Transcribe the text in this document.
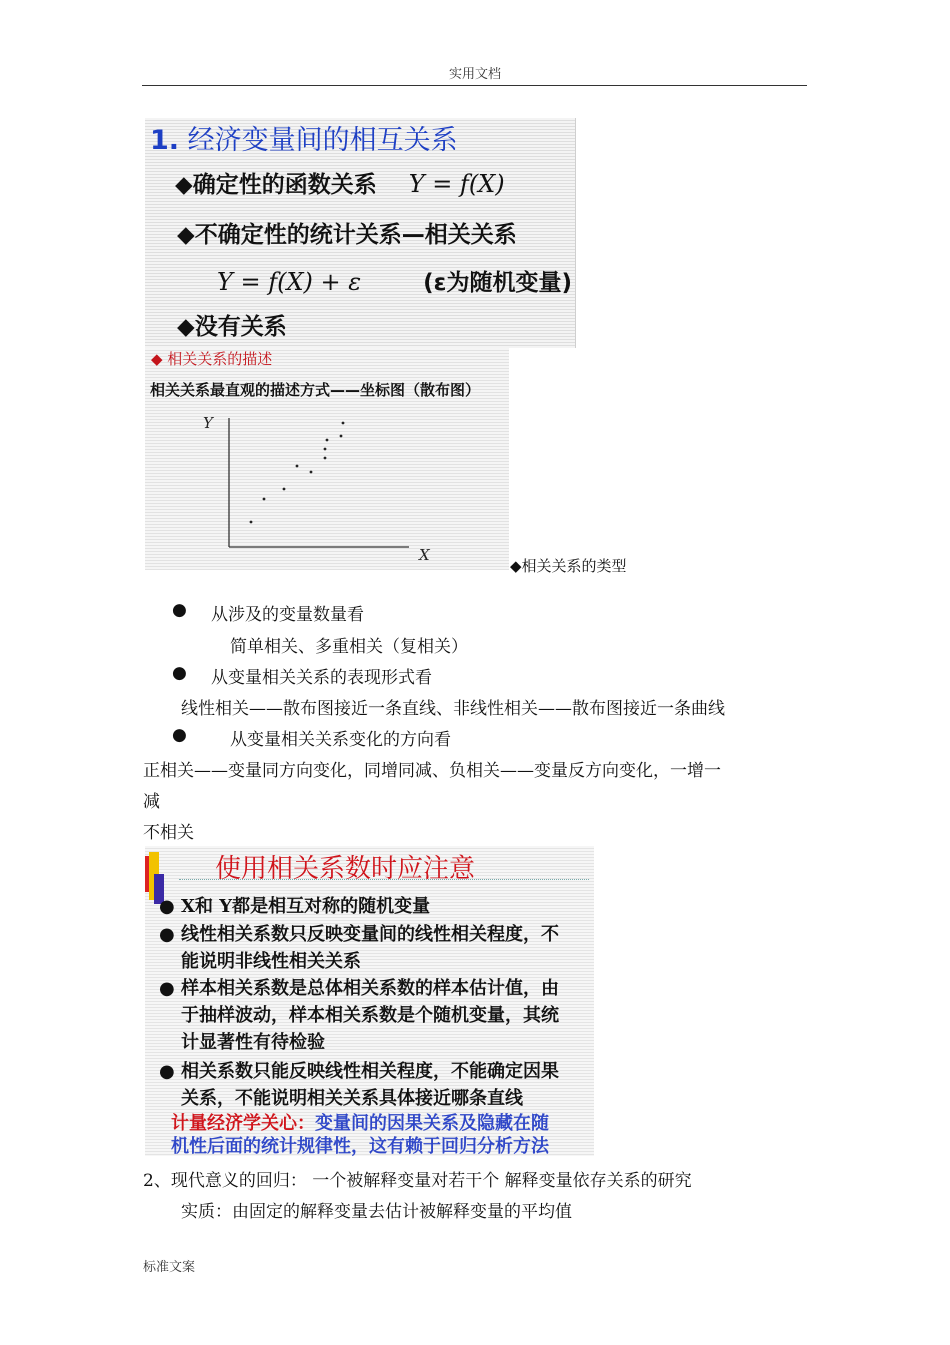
实用文档
1. 经济变量间的相互关系
◆确定性的函数关系 Y = f(X)
◆不确定性的统计关系—相关关系
Y = f(X) + ε	(ε为随机变量)
◆没有关系
◆ 相关关系的描述
相关关系最直观的描述方式——坐标图（散布图）
Y
X
◆相关关系的类型
● 从涉及的变量数量看
简单相关、多重相关（复相关）
● 从变量相关关系的表现形式看
线性相关——散布图接近一条直线、非线性相关——散布图接近一条曲线
●	从变量相关关系变化的方向看
正相关——变量同方向变化，同增同减、负相关——变量反方向变化，一增一
减
不相关
使用相关系数时应注意
● X和 Y都是相互对称的随机变量
● 线性相关系数只反映变量间的线性相关程度，不
能说明非线性相关关系
● 样本相关系数是总体相关系数的样本估计值，由
于抽样波动，样本相关系数是个随机变量，其统
计显著性有待检验
● 相关系数只能反映线性相关程度，不能确定因果
关系，不能说明相关关系具体接近哪条直线
计量经济学关心：变量间的因果关系及隐藏在随
机性后面的统计规律性，这有赖于回归分析方法
2、现代意义的回归： 一个被解释变量对若干个 解释变量依存关系的研究
实质：由固定的解释变量去估计被解释变量的平均值
标准文案
